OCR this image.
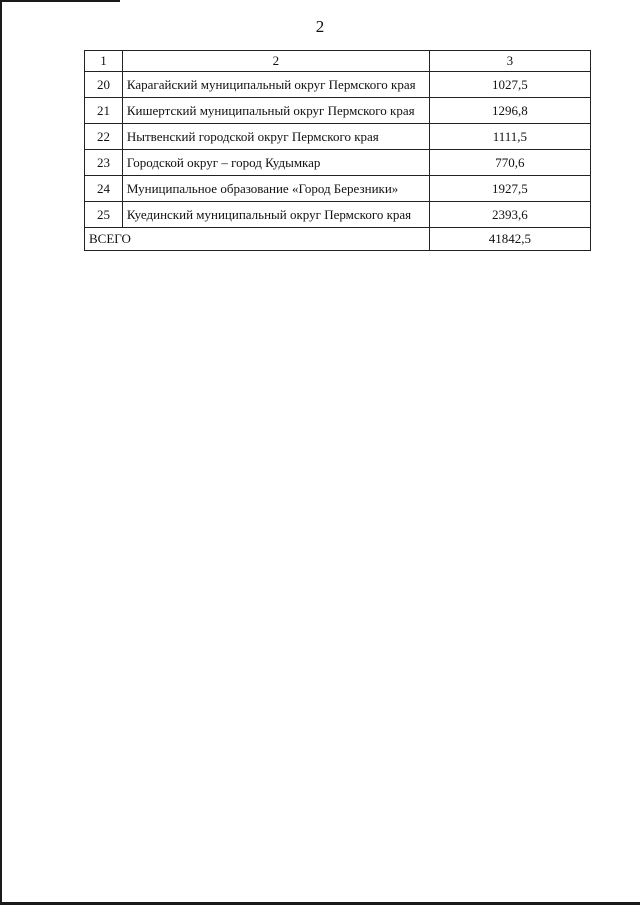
2
1	2	3
20	Карагайский муниципальный округ Пермского края	1027,5
21	Кишертский муниципальный округ Пермского края	1296,8
22	Нытвенский городской округ Пермского края	1111,5
23	Городской округ – город Кудымкар	770,6
24	Муниципальное образование «Город Березники»	1927,5
25	Куединский муниципальный округ Пермского края	2393,6
ВСЕГО		41842,5
